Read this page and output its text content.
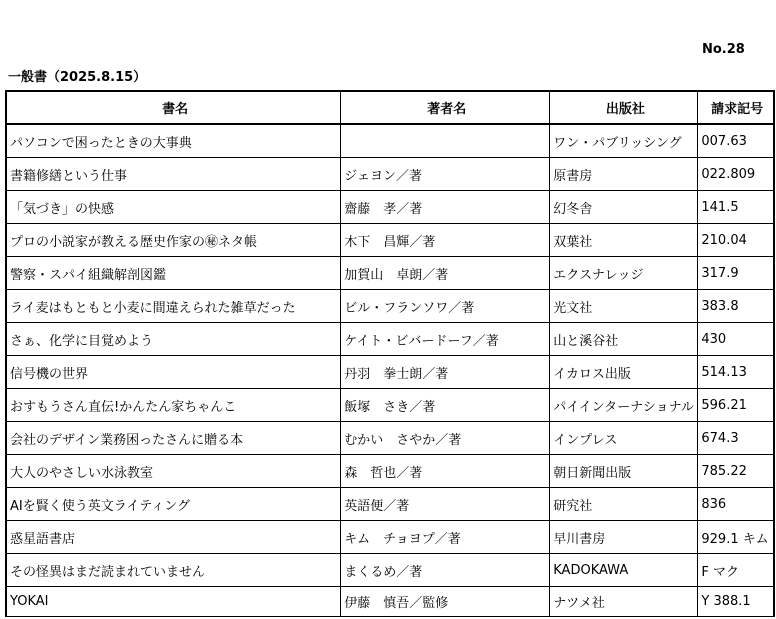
No.28
一般書（2025.8.15）
書名	著者名	出版社	請求記号
パソコンで困ったときの大事典		ワン・パブリッシング	007.63
書籍修繕という仕事	ジェヨン／著	原書房	022.809
「気づき」の快感	齋藤　孝／著	幻冬舎	141.5
プロの小説家が教える歴史作家の㊙ネタ帳	木下　昌輝／著	双葉社	210.04
警察・スパイ組織解剖図鑑	加賀山　卓朗／著	エクスナレッジ	317.9
ライ麦はもともと小麦に間違えられた雑草だった	ビル・フランソワ／著	光文社	383.8
さぁ、化学に目覚めよう	ケイト・ビバードーフ／著	山と溪谷社	430
信号機の世界	丹羽　拳士朗／著	イカロス出版	514.13
おすもうさん直伝!かんたん家ちゃんこ	飯塚　さき／著	パイインターナショナル	596.21
会社のデザイン業務困ったさんに贈る本	むかい　さやか／著	インプレス	674.3
大人のやさしい水泳教室	森　哲也／著	朝日新聞出版	785.22
AIを賢く使う英文ライティング	英語便／著	研究社	836
惑星語書店	キム　チョヨプ／著	早川書房	929.1 キム
その怪異はまだ読まれていません	まくるめ／著	KADOKAWA	F マク
YOKAI	伊藤　慎吾／監修	ナツメ社	Y 388.1
